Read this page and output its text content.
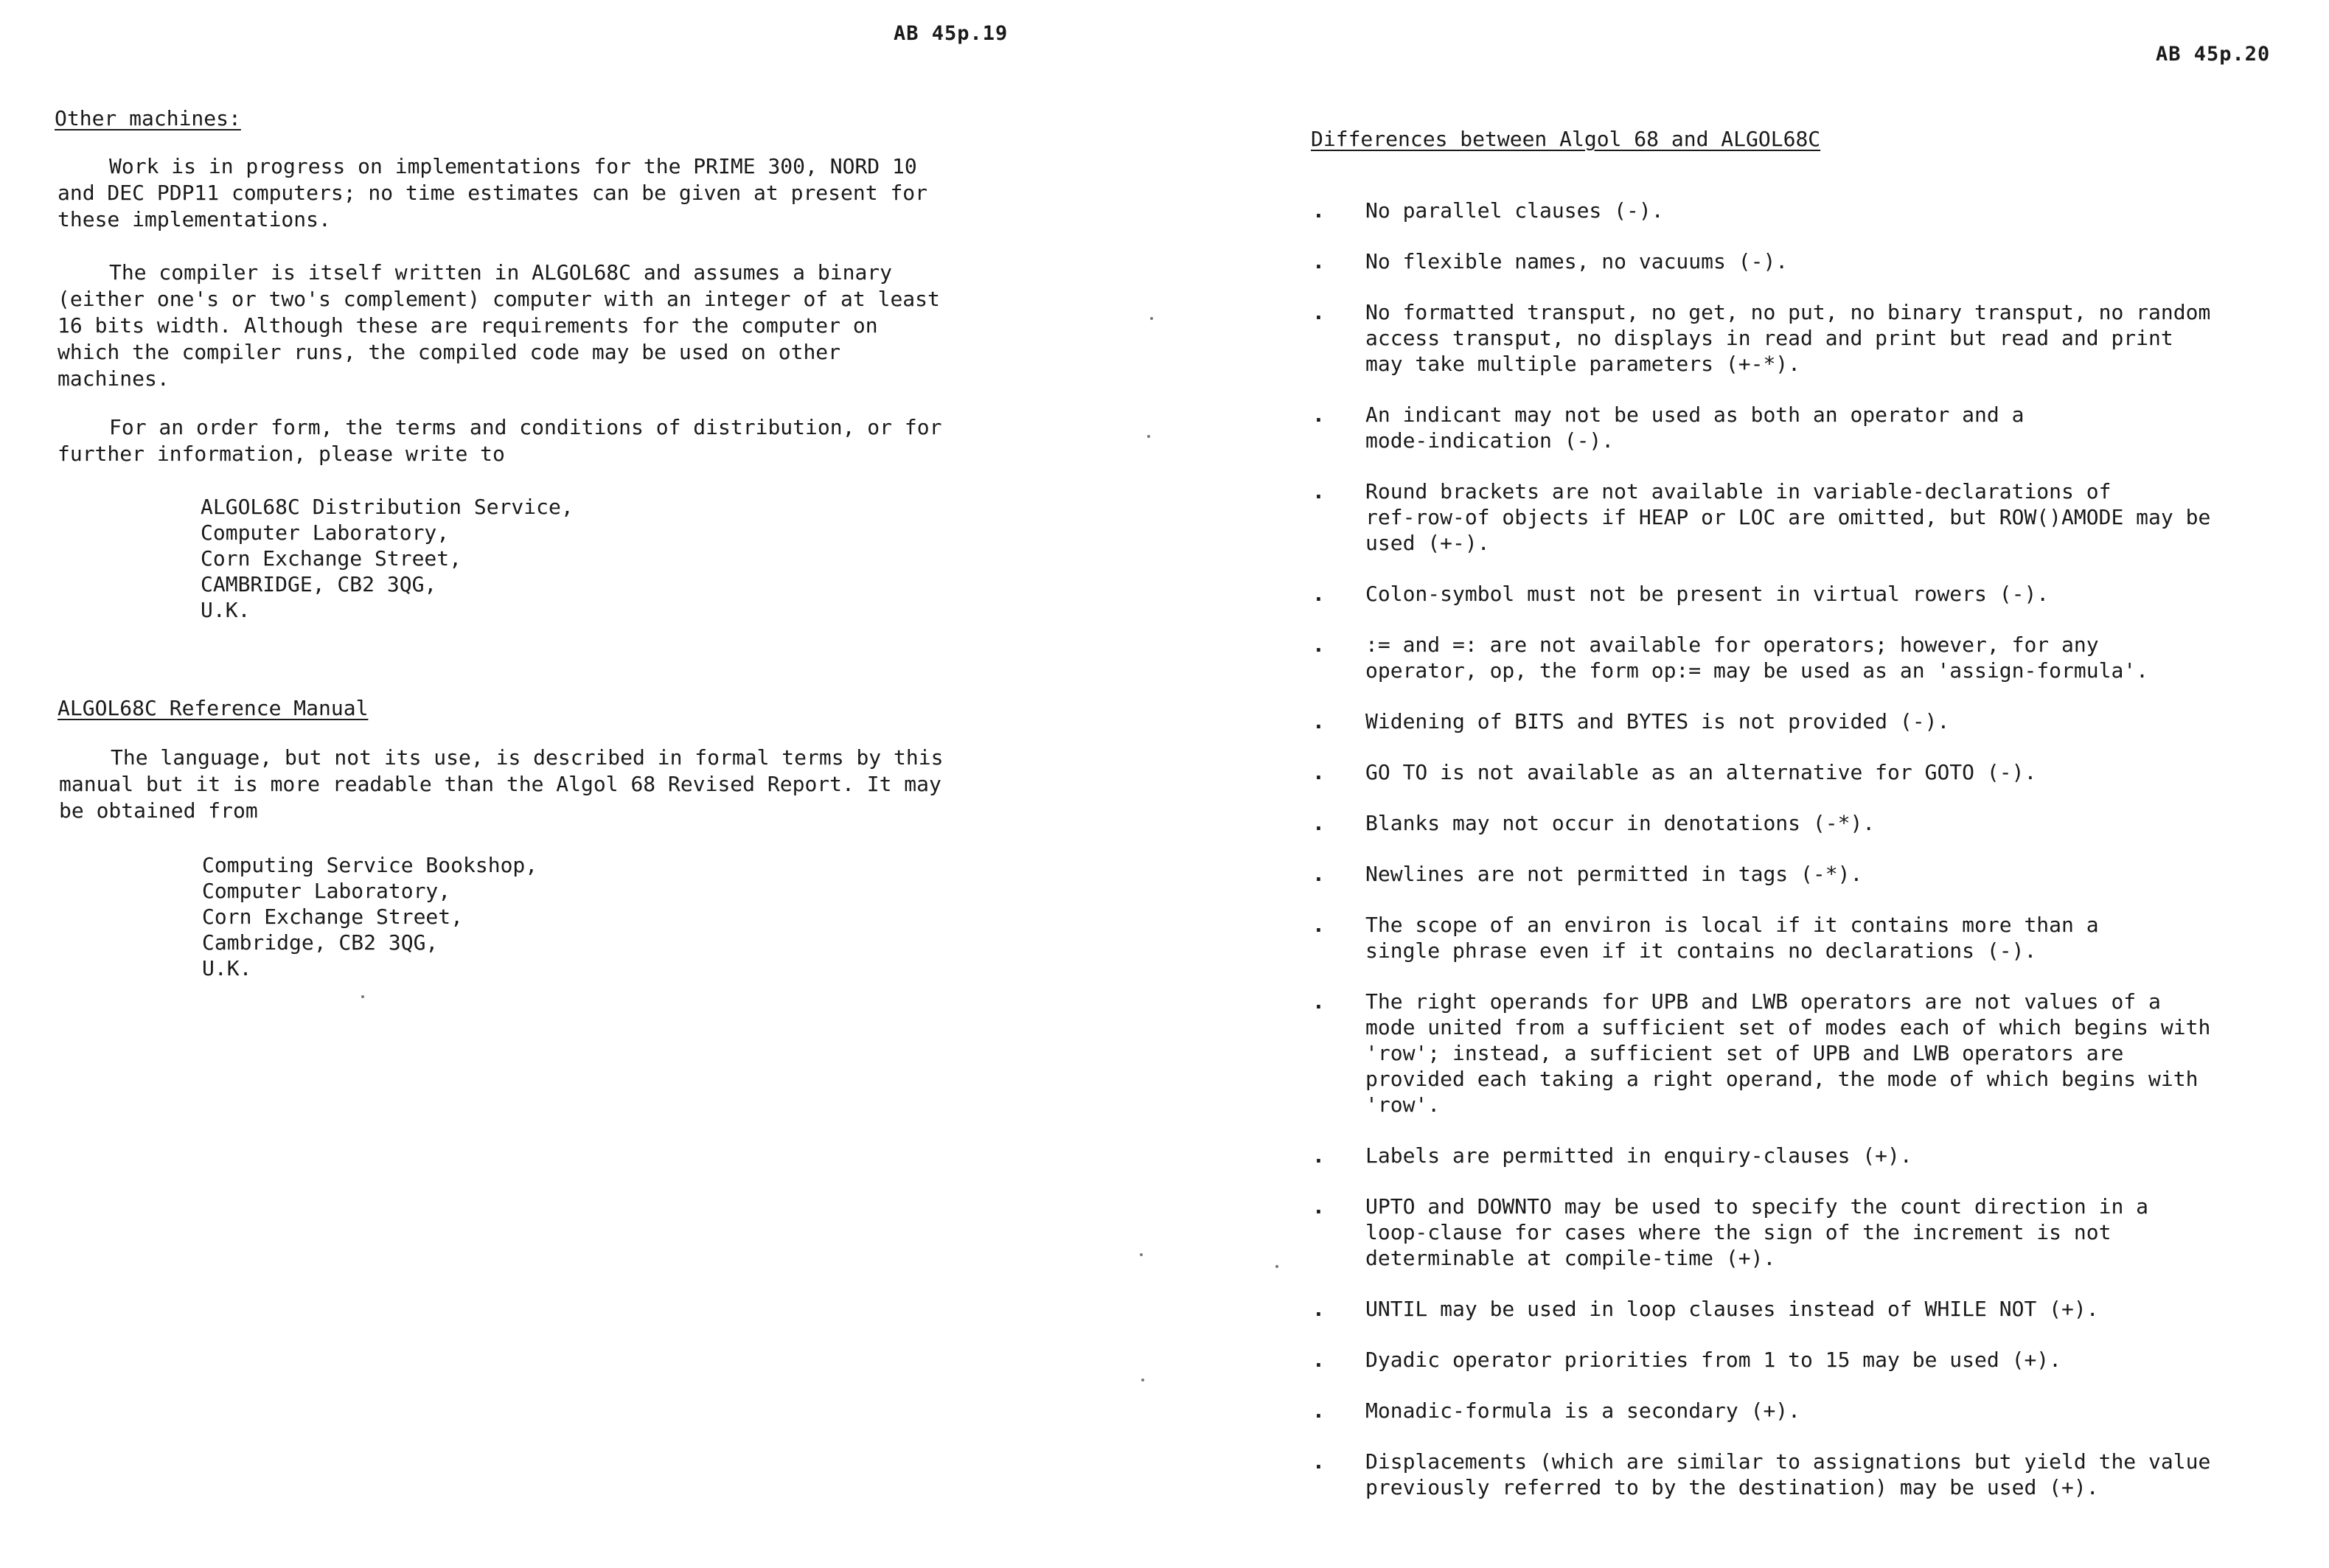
AB 45p.19
Other machines:
Work is in progress on implementations for the PRIME 300, NORD 10
and DEC PDP11 computers; no time estimates can be given at present for
these implementations.
The compiler is itself written in ALGOL68C and assumes a binary
(either one's or two's complement) computer with an integer of at least
16 bits width. Although these are requirements for the computer on
which the compiler runs, the compiled code may be used on other
machines.
For an order form, the terms and conditions of distribution, or for
further information, please write to
ALGOL68C Distribution Service,
Computer Laboratory,
Corn Exchange Street,
CAMBRIDGE, CB2 3QG,
U.K.
ALGOL68C Reference Manual
The language, but not its use, is described in formal terms by this
manual but it is more readable than the Algol 68 Revised Report. It may
be obtained from
Computing Service Bookshop,
Computer Laboratory,
Corn Exchange Street,
Cambridge, CB2 3QG,
U.K.
AB 45p.20
Differences between Algol 68 and ALGOL68C
. No parallel clauses (-).
. No flexible names, no vacuums (-).
. No formatted transput, no get, no put, no binary transput, no random
access transput, no displays in read and print but read and print
may take multiple parameters (+-*).
. An indicant may not be used as both an operator and a
mode-indication (-).
. Round brackets are not available in variable-declarations of
ref-row-of objects if HEAP or LOC are omitted, but ROW()AMODE may be
used (+-).
. Colon-symbol must not be present in virtual rowers (-).
. := and =: are not available for operators; however, for any
operator, op, the form op:= may be used as an 'assign-formula'.
. Widening of BITS and BYTES is not provided (-).
. GO TO is not available as an alternative for GOTO (-).
. Blanks may not occur in denotations (-*).
. Newlines are not permitted in tags (-*).
. The scope of an environ is local if it contains more than a
single phrase even if it contains no declarations (-).
. The right operands for UPB and LWB operators are not values of a
mode united from a sufficient set of modes each of which begins with
'row'; instead, a sufficient set of UPB and LWB operators are
provided each taking a right operand, the mode of which begins with
'row'.
. Labels are permitted in enquiry-clauses (+).
. UPTO and DOWNTO may be used to specify the count direction in a
loop-clause for cases where the sign of the increment is not
determinable at compile-time (+).
. UNTIL may be used in loop clauses instead of WHILE NOT (+).
. Dyadic operator priorities from 1 to 15 may be used (+).
. Monadic-formula is a secondary (+).
. Displacements (which are similar to assignations but yield the value
previously referred to by the destination) may be used (+).
